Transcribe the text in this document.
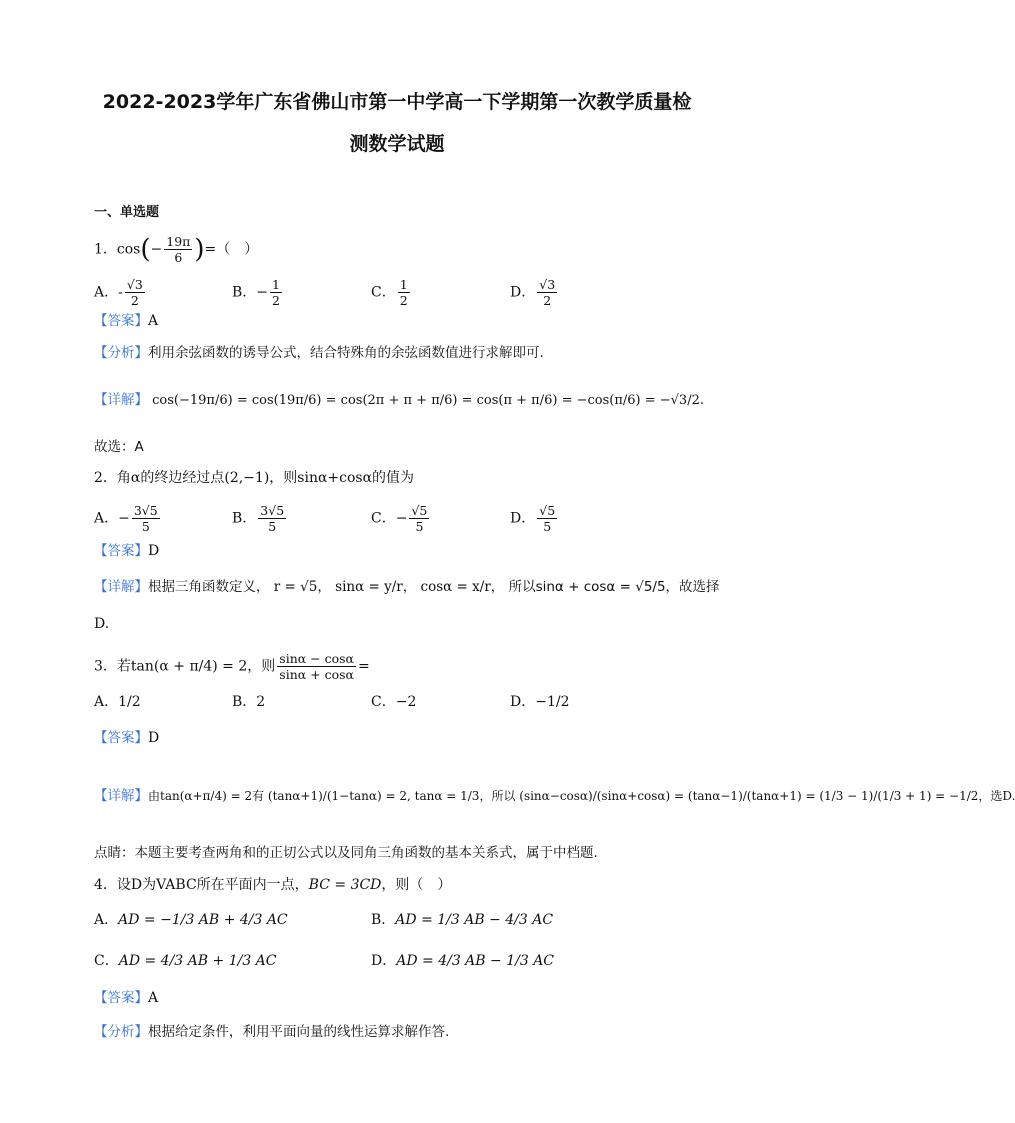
2022-2023学年广东省佛山市第一中学高一下学期第一次教学质量检
测数学试题
一、单选题
1．$\cos(- \frac{19\pi}{6}$ )=（　）
A．- $\frac{√3}{2}$	B．− $\frac{1}{2}$	C． $\frac{1}{2}$	D． $\frac{√3}{2}$
【答案】A
【分析】利用余弦函数的诱导公式，结合特殊角的余弦函数值进行求解即可.
【详解】 cos(−19π/6) = cos(19π/6) = cos(2π + π + π/6) = cos(π + π/6) = −cos(π/6) = −√3/2.
故选：A
2．角α的终边经过点(2,−1)，则sinα+cosα的值为
A．− $\frac{3√5}{5}$	B． $\frac{3√5}{5}$	C．− $\frac{√5}{5}$	D． $\frac{√5}{5}$
【答案】D
【详解】根据三角函数定义， r = √5， sinα = y/r， cosα = x/r， 所以sinα + cosα = √5/5，故选择
D.
3．若tan(α + π/4) = 2，则 $\frac{\sin\alpha - \cos\alpha}{\sin\alpha + \cos\alpha}$ =
A．1/2	B．2	C．−2	D．−1/2
【答案】D
【详解】由tan(α+π/4) = 2有 (tanα+1)/(1−tanα) = 2, tanα = 1/3，所以 (sinα−cosα)/(sinα+cosα) = (tanα−1)/(tanα+1) = (1/3 − 1)/(1/3 + 1) = −1/2，选D.
点睛：本题主要考查两角和的正切公式以及同角三角函数的基本关系式，属于中档题.
4．设D为VABC所在平面内一点，BC = 3CD，则（　）
A．AD = −1/3 AB + 4/3 AC	B．AD = 1/3 AB − 4/3 AC
C．AD = 4/3 AB + 1/3 AC	D．AD = 4/3 AB − 1/3 AC
【答案】A
【分析】根据给定条件，利用平面向量的线性运算求解作答.
